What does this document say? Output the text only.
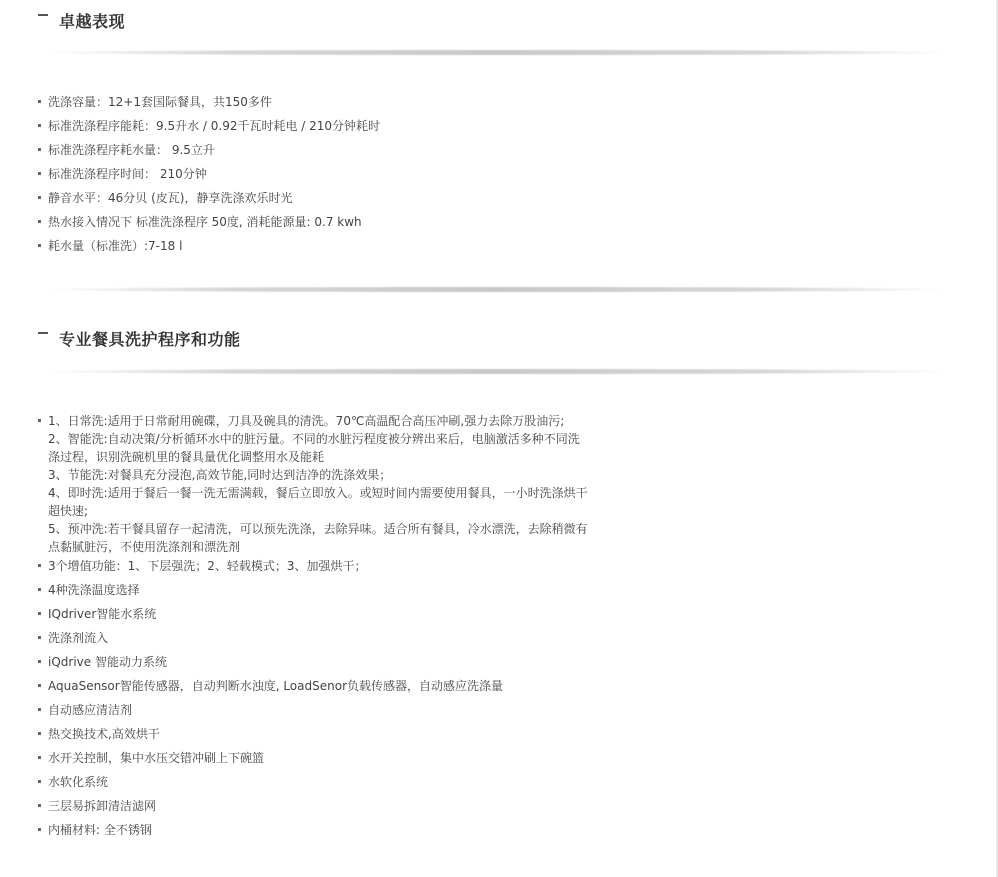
卓越表现
洗涤容量：12+1套国际餐具，共150多件
标准洗涤程序能耗：9.5升水 / 0.92千瓦时耗电 / 210分钟耗时
标准洗涤程序耗水量： 9.5立升
标准洗涤程序时间： 210分钟
静音水平：46分贝 (皮瓦)，静享洗涤欢乐时光
热水接入情况下 标准洗涤程序 50度, 消耗能源量: 0.7 kwh
耗水量（标准洗）:7-18 l
专业餐具洗护程序和功能
1、日常洗:适用于日常耐用碗碟，刀具及碗具的清洗。70℃高温配合高压冲刷,强力去除万股油污;
2、智能洗:自动决策/分析循环水中的脏污量。不同的水脏污程度被分辨出来后，电脑激活多种不同洗
涤过程，识别洗碗机里的餐具量优化调整用水及能耗
3、节能洗:对餐具充分浸泡,高效节能,同时达到洁净的洗涤效果；
4、即时洗:适用于餐后一餐一洗无需满载，餐后立即放入。或短时间内需要使用餐具，一小时洗涤烘干
超快速;
5、预冲洗:若干餐具留存一起清洗，可以预先洗涤，去除异味。适合所有餐具，冷水漂洗，去除稍微有
点黏腻脏污，不使用洗涤剂和漂洗剂
3个增值功能：1、下层强洗；2、轻载模式；3、加强烘干；
4种洗涤温度选择
IQdriver智能水系统
洗涤剂流入
iQdrive 智能动力系统
AquaSensor智能传感器，自动判断水浊度, LoadSenor负载传感器，自动感应洗涤量
自动感应清洁剂
热交换技术,高效烘干
水开关控制，集中水压交错冲刷上下碗篮
水软化系统
三层易拆卸清洁滤网
内桶材料: 全不锈钢
